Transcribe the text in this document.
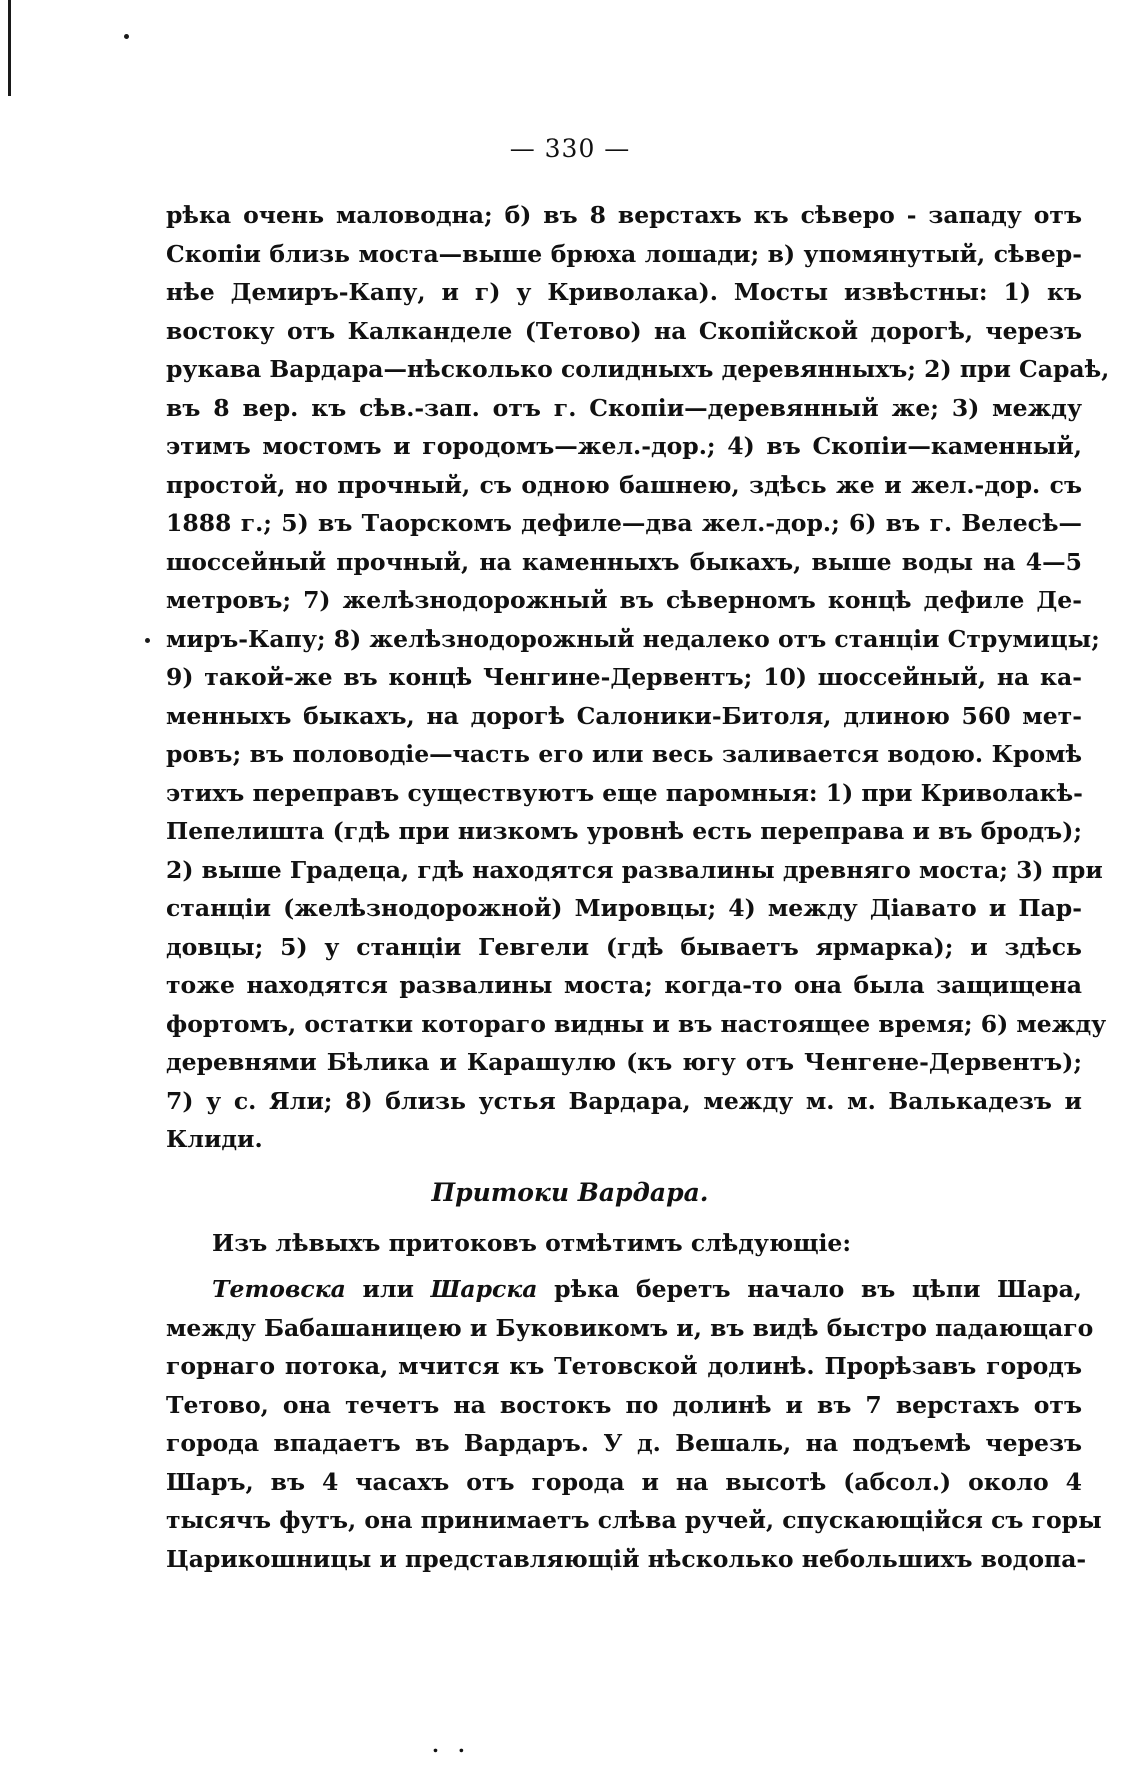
— 330 —
рѣка очень маловодна; б) въ 8 верстахъ къ сѣверо - западу отъ
Скопіи близь моста—выше брюха лошади; в) упомянутый, сѣвер-
нѣе Демиръ-Капу, и г) у Криволака). Мосты извѣстны: 1) къ
востоку отъ Калканделе (Тетово) на Скопійской дорогѣ, черезъ
рукава Вардара—нѣсколько солидныхъ деревянныхъ; 2) при Сараѣ,
въ 8 вер. къ сѣв.-зап. отъ г. Скопіи—деревянный же; 3) между
этимъ мостомъ и городомъ—жел.-дор.; 4) въ Скопіи—каменный,
простой, но прочный, съ одною башнею, здѣсь же и жел.-дор. съ
1888 г.; 5) въ Таорскомъ дефиле—два жел.-дор.; 6) въ г. Велесѣ—
шоссейный прочный, на каменныхъ быкахъ, выше воды на 4—5
метровъ; 7) желѣзнодорожный въ сѣверномъ концѣ дефиле Де-
миръ-Капу; 8) желѣзнодорожный недалеко отъ станціи Струмицы;
9) такой-же въ концѣ Ченгине-Дервентъ; 10) шоссейный, на ка-
менныхъ быкахъ, на дорогѣ Салоники-Битоля, длиною 560 мет-
ровъ; въ половодіе—часть его или весь заливается водою. Кромѣ
этихъ переправъ существуютъ еще паромныя: 1) при Криволакѣ-
Пепелишта (гдѣ при низкомъ уровнѣ есть переправа и въ бродъ);
2) выше Градеца, гдѣ находятся развалины древняго моста; 3) при
станціи (желѣзнодорожной) Мировцы; 4) между Діавато и Пар-
довцы; 5) у станціи Гевгели (гдѣ бываетъ ярмарка); и здѣсь
тоже находятся развалины моста; когда-то она была защищена
фортомъ, остатки котораго видны и въ настоящее время; 6) между
деревнями Бѣлика и Карашулю (къ югу отъ Ченгене-Дервентъ);
7) у с. Яли; 8) близь устья Вардара, между м. м. Валькадезъ и
Клиди.
Притоки Вардара.
Изъ лѣвыхъ притоковъ отмѣтимъ слѣдующіе:
Тетовска или Шарска рѣка беретъ начало въ цѣпи Шара,
между Бабашаницею и Буковикомъ и, въ видѣ быстро падающаго
горнаго потока, мчится къ Тетовской долинѣ. Прорѣзавъ городъ
Тетово, она течетъ на востокъ по долинѣ и въ 7 верстахъ отъ
города впадаетъ въ Вардаръ. У д. Вешаль, на подъемѣ черезъ
Шаръ, въ 4 часахъ отъ города и на высотѣ (абсол.) около 4
тысячъ футъ, она принимаетъ слѣва ручей, спускающійся съ горы
Царикошницы и представляющій нѣсколько небольшихъ водопа-
. .
